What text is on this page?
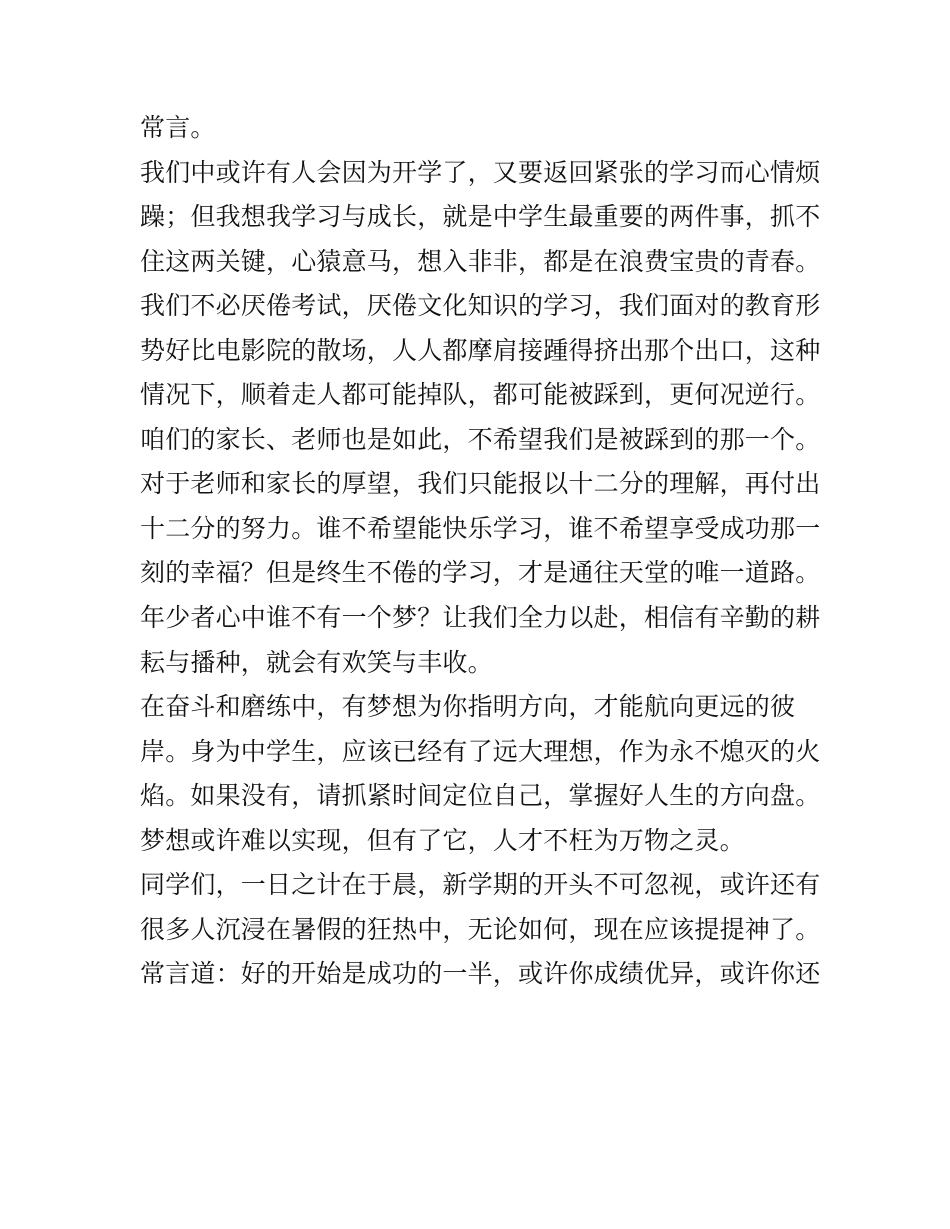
常言。
我们中或许有人会因为开学了，又要返回紧张的学习而心情烦
躁；但我想我学习与成长，就是中学生最重要的两件事，抓不
住这两关键，心猿意马，想入非非，都是在浪费宝贵的青春。
我们不必厌倦考试，厌倦文化知识的学习，我们面对的教育形
势好比电影院的散场，人人都摩肩接踵得挤出那个出口，这种
情况下，顺着走人都可能掉队，都可能被踩到，更何况逆行。
咱们的家长、老师也是如此，不希望我们是被踩到的那一个。
对于老师和家长的厚望，我们只能报以十二分的理解，再付出
十二分的努力。谁不希望能快乐学习，谁不希望享受成功那一
刻的幸福？但是终生不倦的学习，才是通往天堂的唯一道路。
年少者心中谁不有一个梦？让我们全力以赴，相信有辛勤的耕
耘与播种，就会有欢笑与丰收。
在奋斗和磨练中，有梦想为你指明方向，才能航向更远的彼
岸。身为中学生，应该已经有了远大理想，作为永不熄灭的火
焰。如果没有，请抓紧时间定位自己，掌握好人生的方向盘。
梦想或许难以实现，但有了它，人才不枉为万物之灵。
同学们，一日之计在于晨，新学期的开头不可忽视，或许还有
很多人沉浸在暑假的狂热中，无论如何，现在应该提提神了。
常言道：好的开始是成功的一半，或许你成绩优异，或许你还
